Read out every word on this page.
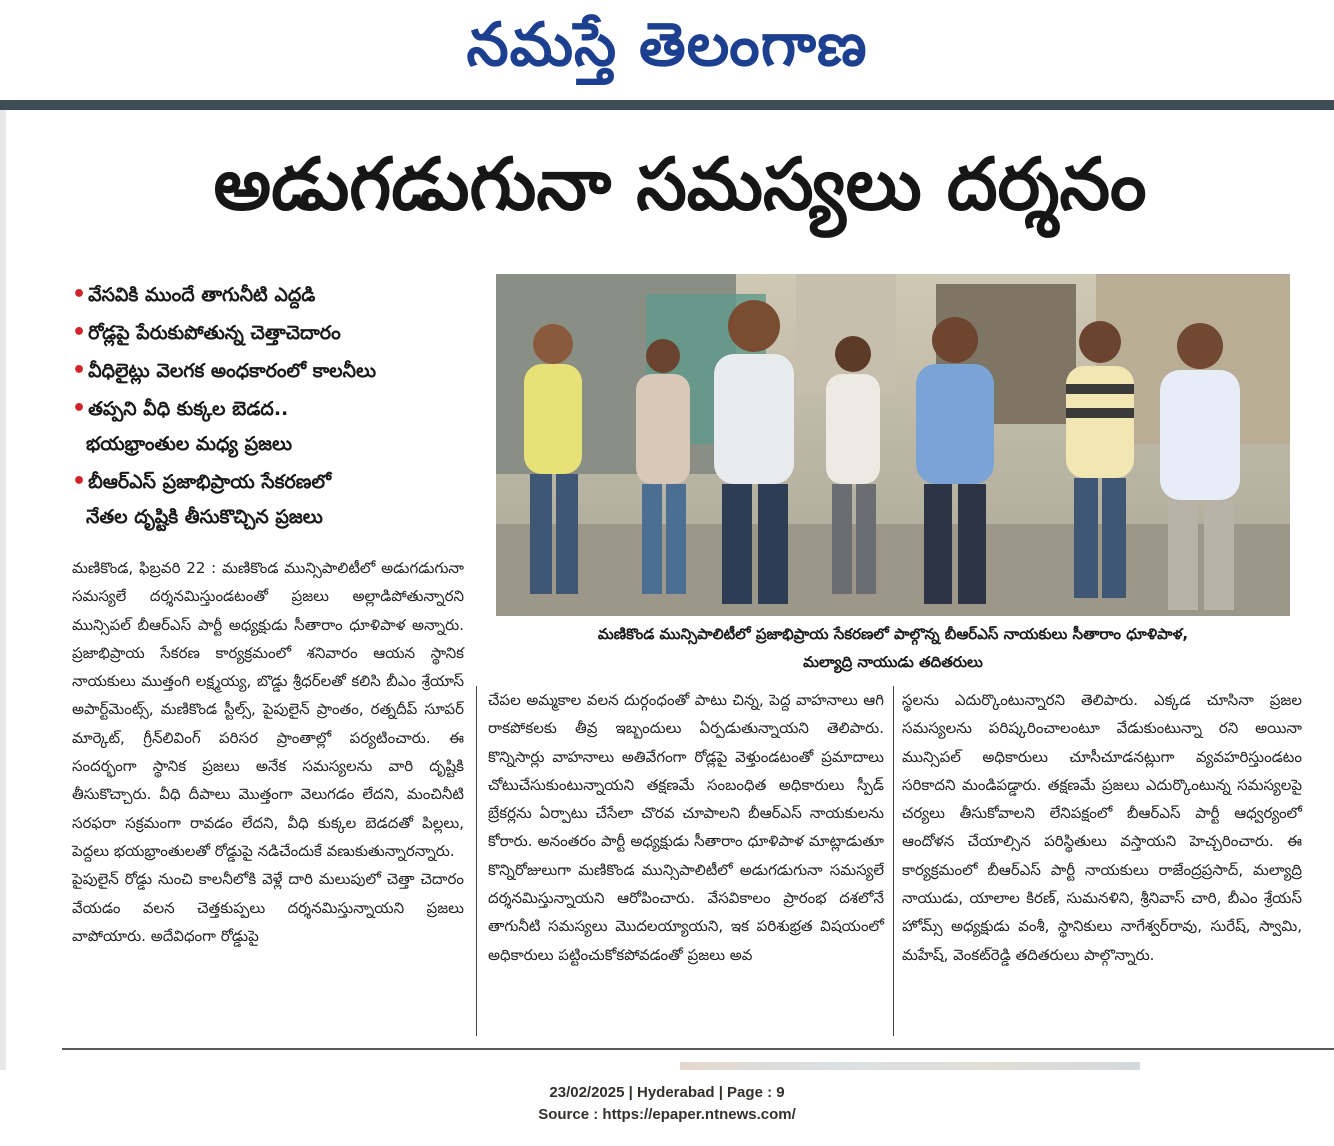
నమస్తే తెలంగాణ
అడుగడుగునా సమస్యలు దర్శనం
• వేసవికి ముందే తాగునీటి ఎద్దడి
• రోడ్లపై పేరుకుపోతున్న చెత్తాచెదారం
• వీధిలైట్లు వెలగక అంధకారంలో కాలనీలు
• తప్పని వీధి కుక్కల బెడద..
భయభ్రాంతుల మధ్య ప్రజలు
• బీఆర్‌ఎస్ ప్రజాభిప్రాయ సేకరణలో
నేతల దృష్టికి తీసుకొచ్చిన ప్రజలు
మణికొండ మున్సిపాలిటీలో ప్రజాభిప్రాయ సేకరణలో పాల్గొన్న బీఆర్‌ఎస్ నాయకులు సీతారాం ధూళిపాళ,
మల్యాద్రి నాయుడు తదితరులు

మణికొండ, ఫిబ్రవరి 22 : మణికొండ మున్సిపాలిటీలో అడుగడుగునా సమస్యలే దర్శనమిస్తుండటంతో ప్రజలు అల్లాడిపోతున్నారని మున్సిపల్ బీఆర్‌ఎస్ పార్టీ అధ్యక్షుడు సీతారాం ధూళిపాళ అన్నారు. ప్రజాభిప్రాయ సేకరణ కార్యక్రమంలో శనివారం ఆయన స్థానిక నాయకులు ముత్తంగి లక్ష్మయ్య, బొడ్డు శ్రీధర్‌లతో కలిసి బీఎం శ్రేయాస్ అపార్ట్‌మెంట్స్, మణికొండ స్టీల్స్, పైపులైన్ ప్రాంతం, రత్నదీప్ సూపర్ మార్కెట్, గ్రీన్‌లివింగ్ పరిసర ప్రాంతాల్లో పర్యటించారు. ఈ సందర్భంగా స్థానిక ప్రజలు అనేక సమస్యలను వారి దృష్టికి తీసుకొచ్చారు. వీధి దీపాలు మొత్తంగా వెలుగడం లేదని, మంచినీటి సరఫరా సక్రమంగా రావడం లేదని, వీధి కుక్కల బెడదతో పిల్లలు, పెద్దలు భయభ్రాంతులతో రోడ్డుపై నడిచేందుకే వణుకుతున్నారన్నారు.

పైపులైన్ రోడ్డు నుంచి కాలనీలోకి వెళ్లే దారి మలుపులో చెత్తా చెదారం వేయడం వలన చెత్తకుప్పలు దర్శనమిస్తున్నాయని ప్రజలు వాపోయారు. అదేవిధంగా రోడ్డుపై

చేపల అమ్మకాల వలన దుర్గంధంతో పాటు చిన్న, పెద్ద వాహనాలు ఆగి రాకపోకలకు తీవ్ర ఇబ్బందులు ఏర్పడుతున్నాయని తెలిపారు. కొన్నిసార్లు వాహనాలు అతివేగంగా రోడ్లపై వెళ్తుండటంతో ప్రమాదాలు చోటుచేసుకుంటున్నాయని తక్షణమే సంబంధిత అధికారులు స్పీడ్ బ్రేకర్లను ఏర్పాటు చేసేలా చొరవ చూపాలని బీఆర్‌ఎస్ నాయకులను కోరారు. అనంతరం పార్టీ అధ్యక్షుడు సీతారాం ధూళిపాళ మాట్లాడుతూ కొన్నిరోజులుగా మణికొండ మున్సిపాలిటీలో అడుగడుగునా సమస్యలే దర్శనమిస్తున్నాయని ఆరోపించారు. వేసవికాలం ప్రారంభ దశలోనే తాగునీటి సమస్యలు మొదలయ్యాయని, ఇక పరిశుభ్రత విషయంలో అధికారులు పట్టించుకోకపోవడంతో ప్రజలు అవ

స్థలను ఎదుర్కొంటున్నారని తెలిపారు. ఎక్కడ చూసినా ప్రజల సమస్యలను పరిష్కరించాలంటూ వేడుకుంటున్నా రని అయినా మున్సిపల్ అధికారులు చూసీచూడనట్లుగా వ్యవహరిస్తుండటం సరికాదని మండిపడ్డారు. తక్షణమే ప్రజలు ఎదుర్కొంటున్న సమస్యలపై చర్యలు తీసుకోవాలని లేనిపక్షంలో బీఆర్‌ఎస్ పార్టీ ఆధ్వర్యంలో ఆందోళన చేయాల్సిన పరిస్థితులు వస్తాయని హెచ్చరించారు. ఈ కార్యక్రమంలో బీఆర్‌ఎస్ పార్టీ నాయకులు రాజేంద్రప్రసాద్, మల్యాద్రి నాయుడు, యాలాల కిరణ్, సుమనళిని, శ్రీనివాస్ చారి, బీఎం శ్రేయస్ హోమ్స్ అధ్యక్షుడు వంశీ, స్థానికులు నాగేశ్వర్‌రావు, సురేష్, స్వామి, మహేష్, వెంకట్‌రెడ్డి తదితరులు పాల్గొన్నారు.

23/02/2025 | Hyderabad | Page : 9
Source : https://epaper.ntnews.com/
